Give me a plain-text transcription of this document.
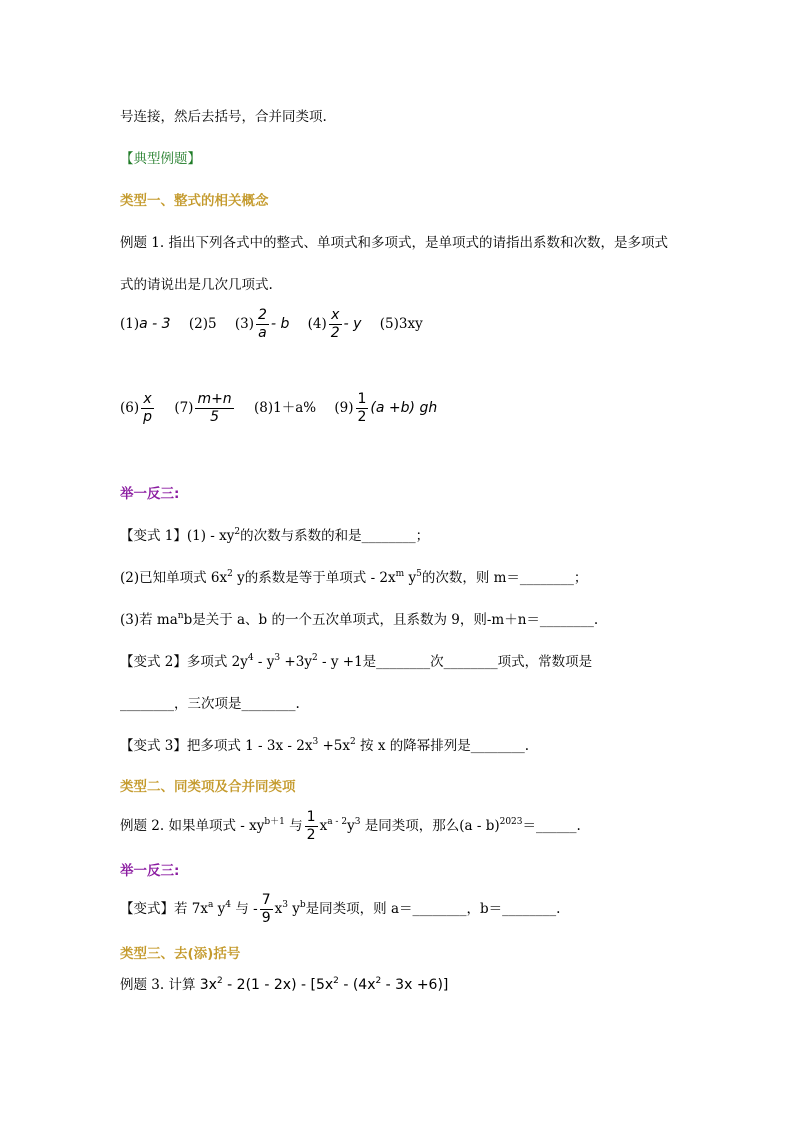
号连接，然后去括号，合并同类项.
【典型例题】
类型一、整式的相关概念
例题 1. 指出下列各式中的整式、单项式和多项式，是单项式的请指出系数和次数，是多项式
式的请说出是几次几项式.
(1)a - 3 (2)5 $(3) \frac{2}{a}$ - b $(4) \frac{x}{2}$ - y (5)3xy
$(6) \frac{x}{p} (7) \frac{m+n}{5} (8)1+a\%$ $(9) \frac{1}{2} (a +b)$ gh
举一反三:
【变式 1】$(1) - xy^2$的次数与系数的和是________；
(2)已知单项式 $6x^2$ y的系数是等于单项式 - $2x^m$ $y^5$的次数，则 m＝________；
(3)若 $ma^nb$是关于 a、b 的一个五次单项式，且系数为 9，则-m＋n＝________.
【变式 2】多项式 $2y^4 - y^3 +3y^2 - y +1$是________次________项式，常数项是
________，三次项是________.
【变式 3】把多项式 $1 - 3x - 2x^3 +5x^2$ 按 x 的降幂排列是________.
类型二、同类项及合并同类项
例题 2. 如果单项式 - $xy^{b+1}$ 与 $\frac{1}{2} x^{a - 2}y^3$ 是同类项，那么(a - b)$^{2023}$＝______.
举一反三:
【变式】若 $7x^a$ $y^4$ 与 - $\frac{7}{9} x^3$ $y^b$是同类项，则 a＝________，b＝________.
类型三、去(添)括号
例题 3. 计算 $3x^2 - 2(1 - 2x) - [5x^2 - (4x^2 - 3x +6)]$
